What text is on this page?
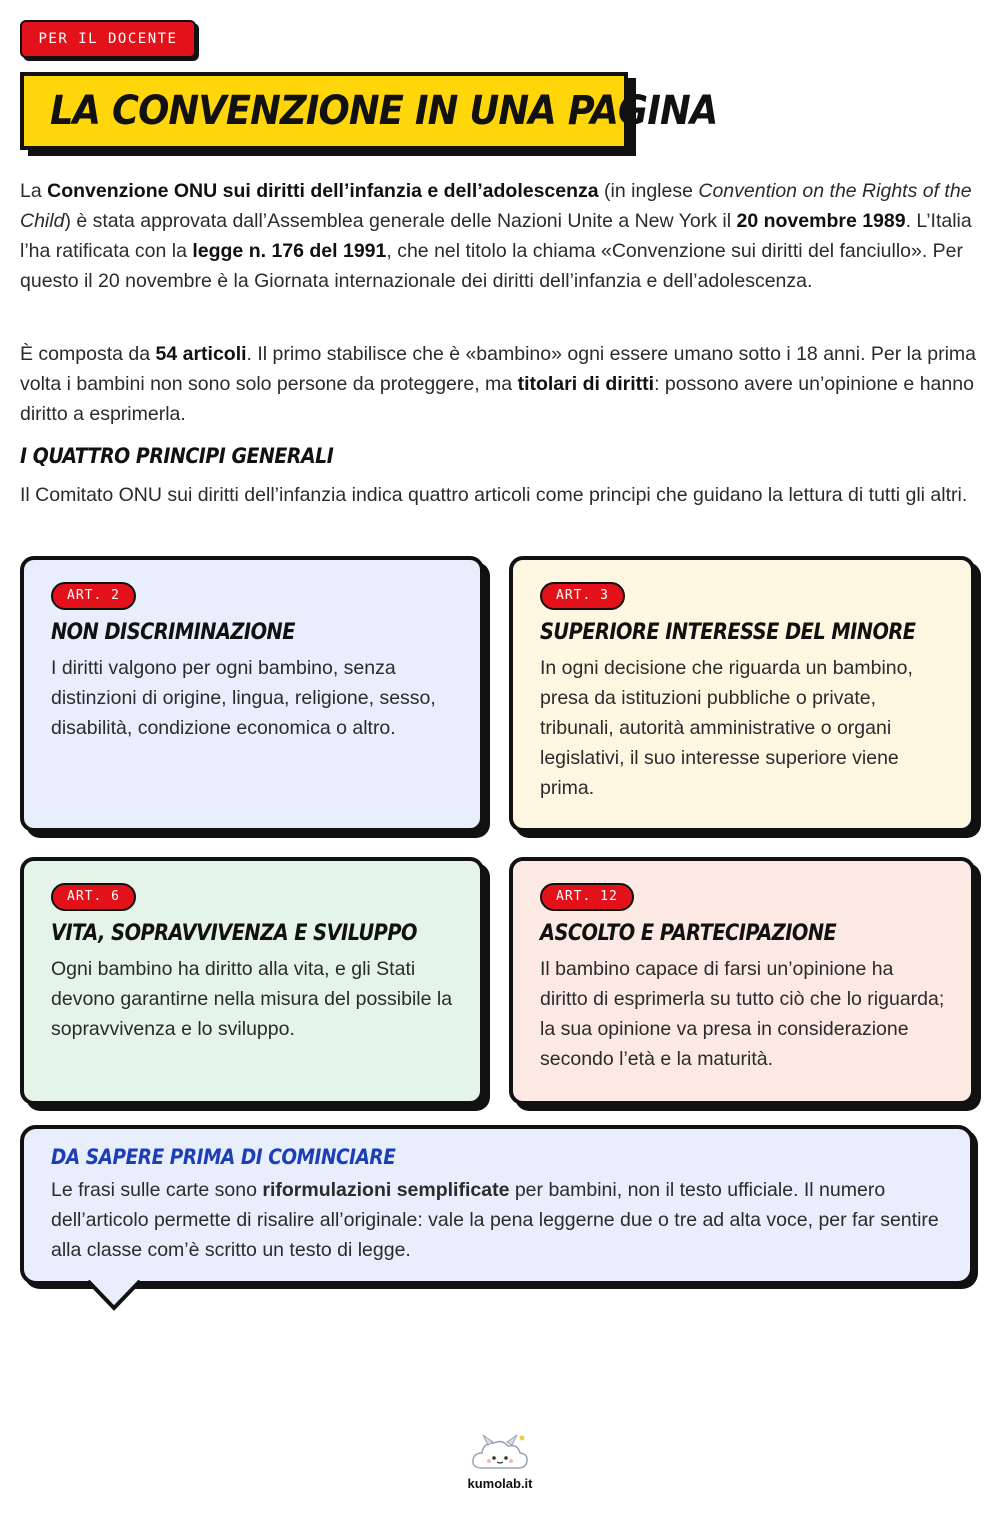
PER IL DOCENTE
LA CONVENZIONE IN UNA PAGINA

La Convenzione ONU sui diritti dell’infanzia e dell’adolescenza (in inglese Convention on the Rights of the Child) è stata approvata dall’Assemblea generale delle Nazioni Unite a New York il 20 novembre 1989. L’Italia l’ha ratificata con la legge n. 176 del 1991, che nel titolo la chiama «Convenzione sui diritti del fanciullo». Per questo il 20 novembre è la Giornata internazionale dei diritti dell’infanzia e dell’adolescenza.

È composta da 54 articoli. Il primo stabilisce che è «bambino» ogni essere umano sotto i 18 anni. Per la prima volta i bambini non sono solo persone da proteggere, ma titolari di diritti: possono avere un’opinione e hanno diritto a esprimerla.

I QUATTRO PRINCIPI GENERALI

Il Comitato ONU sui diritti dell’infanzia indica quattro articoli come principi che guidano la lettura di tutti gli altri.

ART. 2
NON DISCRIMINAZIONE

I diritti valgono per ogni bambino, senza distinzioni di origine, lingua, religione, sesso, disabilità, condizione economica o altro.

ART. 3
SUPERIORE INTERESSE DEL MINORE

In ogni decisione che riguarda un bambino, presa da istituzioni pubbliche o private, tribunali, autorità amministrative o organi legislativi, il suo interesse superiore viene prima.

ART. 6
VITA, SOPRAVVIVENZA E SVILUPPO

Ogni bambino ha diritto alla vita, e gli Stati devono garantirne nella misura del possibile la sopravvivenza e lo sviluppo.

ART. 12
ASCOLTO E PARTECIPAZIONE

Il bambino capace di farsi un’opinione ha diritto di esprimerla su tutto ciò che lo riguarda; la sua opinione va presa in considerazione secondo l’età e la maturità.

DA SAPERE PRIMA DI COMINCIARE

Le frasi sulle carte sono riformulazioni semplificate per bambini, non il testo ufficiale. Il numero dell’articolo permette di risalire all’originale: vale la pena leggerne due o tre ad alta voce, per far sentire alla classe com’è scritto un testo di legge.

kumolab.it
